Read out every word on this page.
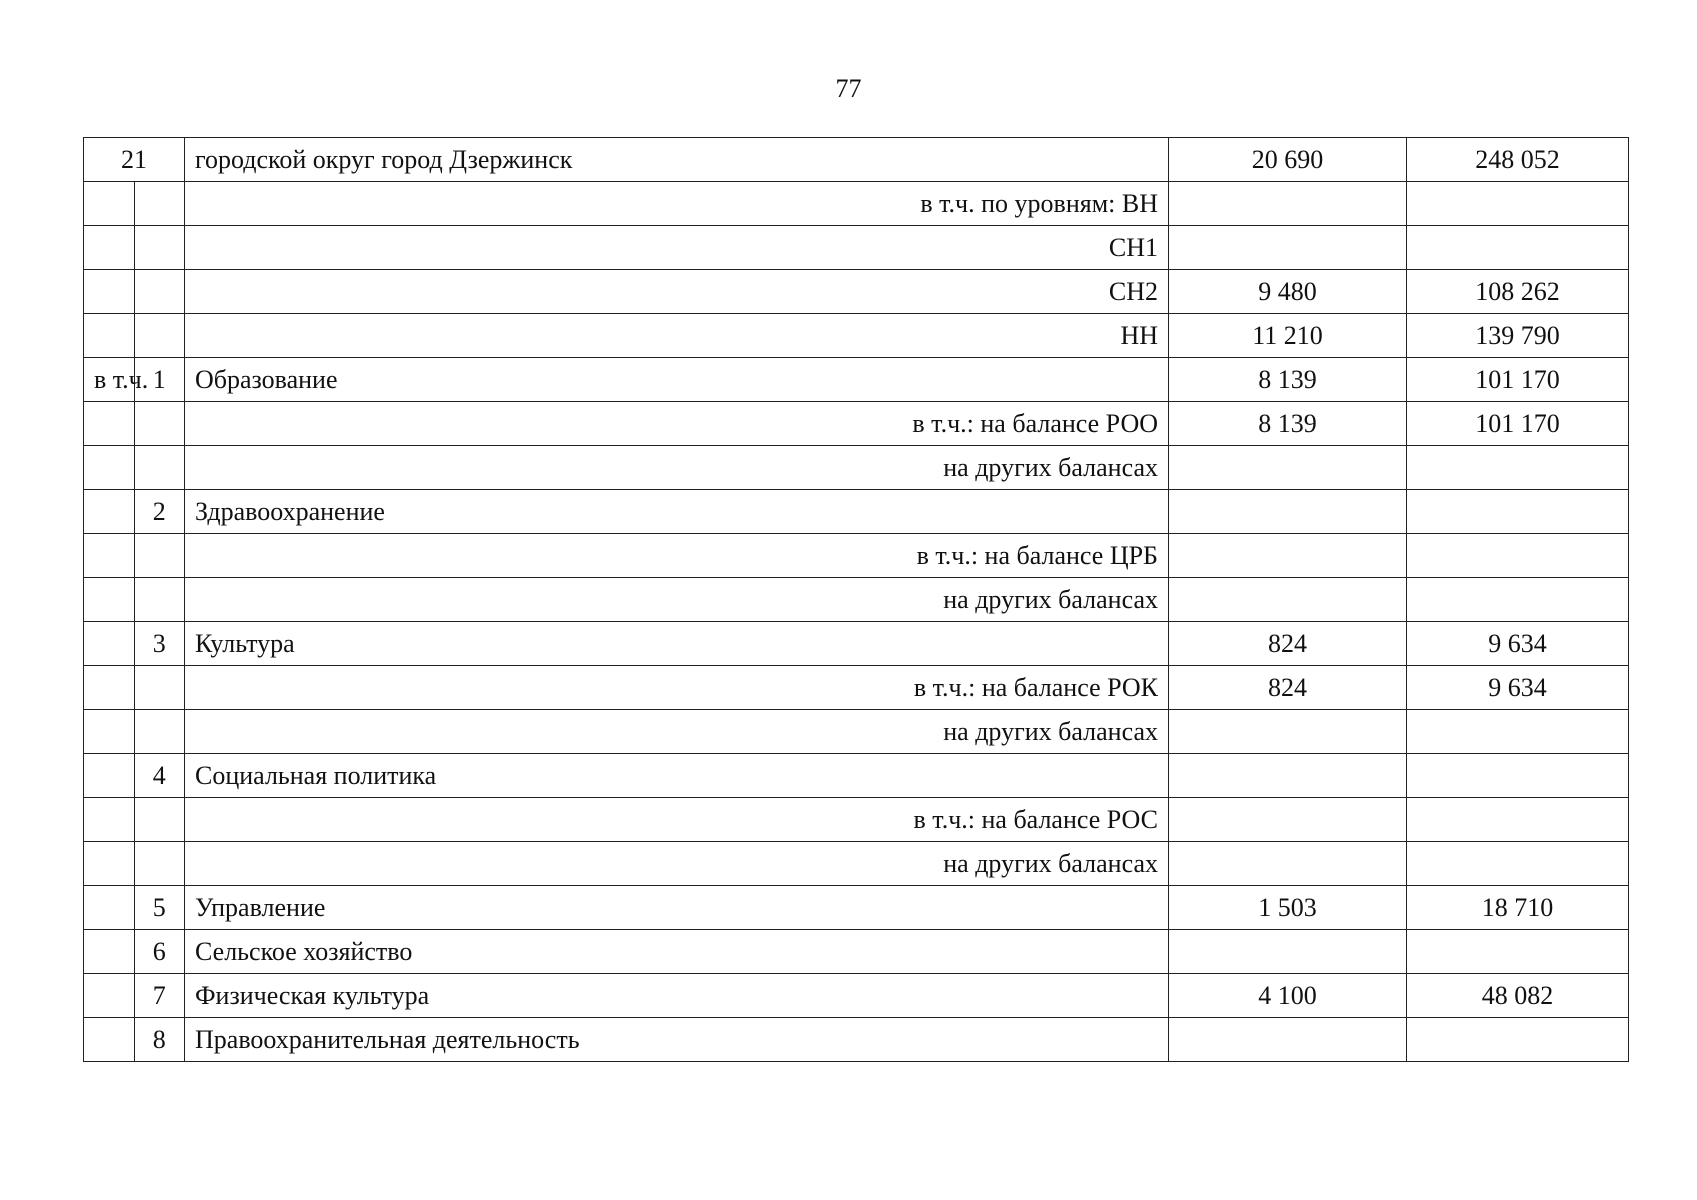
77
21		городской округ город Дзержинск	20 690	248 052
		в т.ч. по уровням: ВН		
		СН1		
		СН2	9 480	108 262
		НН	11 210	139 790
в т.ч.	1	Образование	8 139	101 170
		в т.ч.: на балансе РОО	8 139	101 170
		на других балансах		
	2	Здравоохранение		
		в т.ч.: на балансе ЦРБ		
		на других балансах		
	3	Культура	824	9 634
		в т.ч.: на балансе РОК	824	9 634
		на других балансах		
	4	Социальная политика		
		в т.ч.: на балансе РОС		
		на других балансах		
	5	Управление	1 503	18 710
	6	Сельское хозяйство		
	7	Физическая культура	4 100	48 082
	8	Правоохранительная деятельность		
